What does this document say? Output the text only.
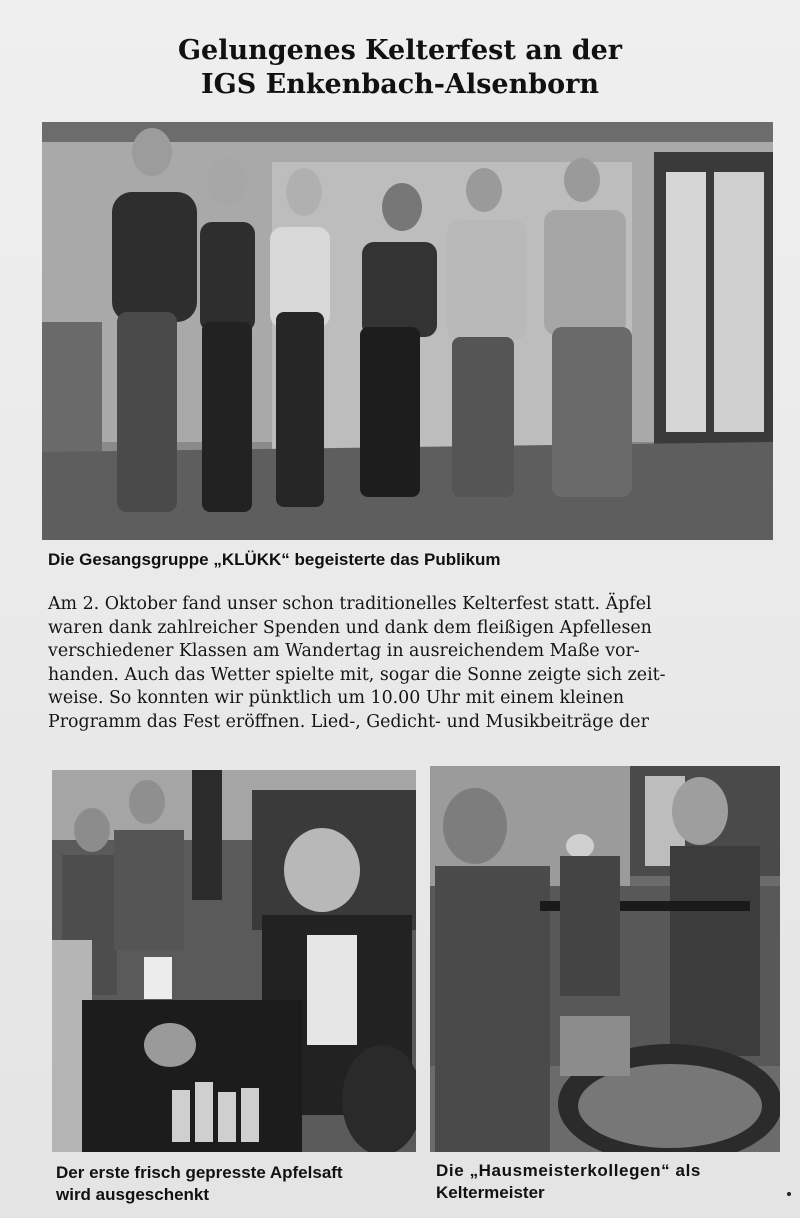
Gelungenes Kelterfest an der
IGS Enkenbach-Alsenborn
Die Gesangsgruppe „KLÜKK“ begeisterte das Publikum
Am 2. Oktober fand unser schon traditionelles Kelterfest statt. Äpfel
waren dank zahlreicher Spenden und dank dem fleißigen Apfellesen
verschiedener Klassen am Wandertag in ausreichendem Maße vor-
handen. Auch das Wetter spielte mit, sogar die Sonne zeigte sich zeit-
weise. So konnten wir pünktlich um 10.00 Uhr mit einem kleinen
Programm das Fest eröffnen. Lied-, Gedicht- und Musikbeiträge der
Der erste frisch gepresste Apfelsaft
wird ausgeschenkt
Die „Hausmeisterkollegen“ als
Keltermeister
